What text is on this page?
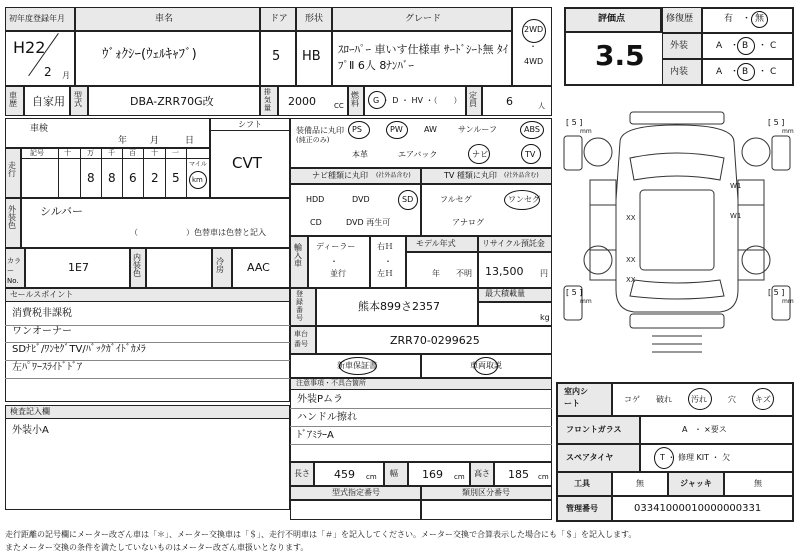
初年度登録年月	車名	ドア 形状	グレード
H22
2 月
ｳﾞｫｸｼｰ(ｳｪﾙｷｬﾌﾞ)	5 HB ｽﾛｰﾊﾟｰ 車いす仕様車 ｻｰﾄﾞｼｰﾄ無 ﾀｲﾌﾟⅡ 6人 8ﾅﾝﾊﾞｰ
2WD
・
4WD
評価点
3.5
修復歴	有 ・ 無
外装	A ・ B ・ C
内装	A ・ B ・ C
車歴 自家用 型式	DBA-ZRR70G改
排気量 2000	CC
燃料 G ・ D ・ HV ・（　　）
定員	6	人
車検
年	月	日
シフト
CVT
走行
記号	十 万 千 百 十 一
8 8 6 2 5
マイル
km
装備品に丸印
(純正のみ)
PS	PW	AW	サンルーフ	ABS
本革	エアバック	ナビ	TV
ナビ種類に丸印 (社外品含む)	TV 種類に丸印 (社外品含む)
HDD	DVD	SD
CD	DVD 再生可
フルセグ	ワンセグ
アナログ
外装色
シルバー
（　　　　　　）色替車は色替と記入
カラーNo.
1E7
内装色
冷房 AAC
輸入車
ディーラー
・
並行
右Ｈ
・
左Ｈ
モデル年式
年 不明
リサイクル預託金
13,500 円
セールスポイント
消費税非課税
ワンオーナー
SDﾅﾋﾞ/ﾜﾝｾｸﾞTV/ﾊﾞｯｸｶﾞｲﾄﾞｶﾒﾗ
左ﾊﾟﾜｰｽﾗｲﾄﾞﾄﾞｱ
登録番号
熊本899さ2357
最大積載量
kg
車台番号	ZRR70-0299625
新車保証書	車両取説
注意事項・不具合箇所
外装Pムラ
ハンドル擦れ
ﾄﾞｱﾐﾗｰA
検査記入欄
外装小A
長さ 459 cm 幅 169 cm 高さ 185 cm
型式指定番号	類別区分番号
W1
W1
XX
XX
XX
[ 5 ]
mm
[ 5 ]
mm
[ 5 ]
mm
[ 5 ]
mm
室内シート	コゲ 破れ 汚れ	穴 キズ
フロントガラス	A ・ ×要ス
スペアタイヤ	T ・ 修理 KIT ・ 欠
工具	無	ジャッキ	無
管理番号	03341000010000000331
走行距離の記号欄にメーター改ざん車は「＊」、メーター交換車は「＄」、走行不明車は「＃」を記入してください。メーター交換で合算表示した場合にも「＄」を記入します。
またメーター交換の条件を満たしていないものはメーター改ざん車扱いとなります。
